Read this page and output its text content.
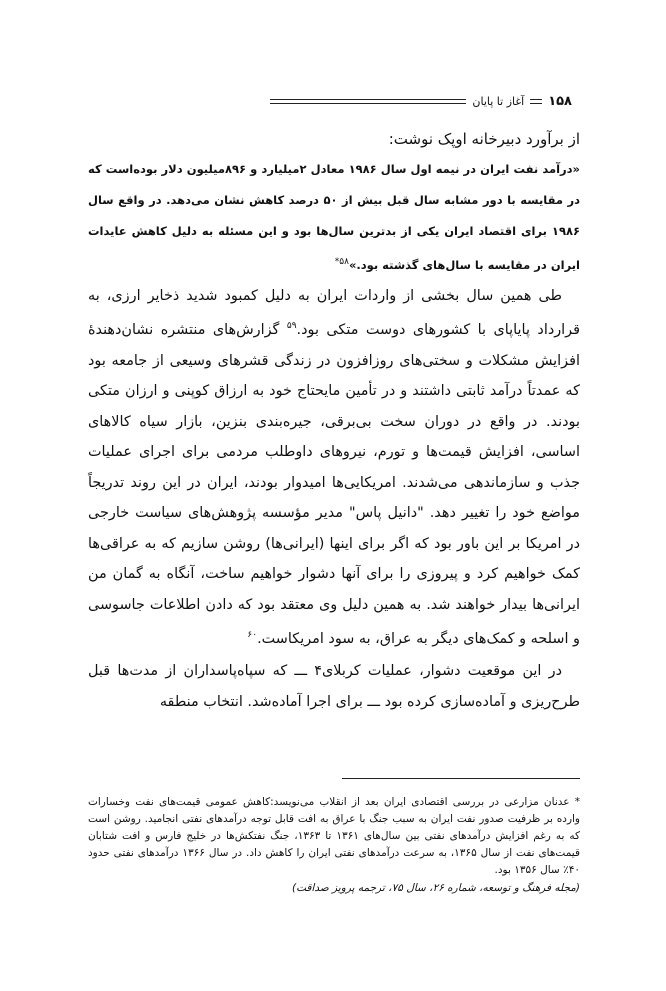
۱۵۸
آغاز تا پایان

از برآورد دبیرخانه اوپک نوشت:

«درآمد نفت ایران در نیمه اول سال ۱۹۸۶ معادل ۲میلیارد و ۸۹۶میلیون دلار بوده‌است که در مقایسه با دور مشابه سال قبل بیش از ۵۰ درصد کاهش نشان می‌دهد. در واقع سال ۱۹۸۶ برای اقتصاد ایران یکی از بدترین سال‌ها بود و این مسئله به دلیل کاهش عایدات ایران در مقایسه با سال‌های گذشته بود.»$^{۵۸*}$

طی همین سال بخشی از واردات ایران به دلیل کمبود شدید ذخایر ارزی، به قرارداد پایاپای با کشورهای دوست متکی بود.$^{۵۹}$ گزارش‌های منتشره نشان‌دهندهٔ افزایش مشکلات و سختی‌های روزافزون در زندگی قشرهای وسیعی از جامعه بود که عمدتاً درآمد ثابتی داشتند و در تأمین مایحتاج خود به ارزاق کوپنی و ارزان متکی بودند. در واقع در دوران سخت بی‌برقی، جیره‌بندی بنزین، بازار سیاه کالاهای اساسی، افزایش قیمت‌ها و تورم، نیروهای داوطلب مردمی برای اجرای عملیات جذب و سازماندهی می‌شدند. امریکایی‌ها امیدوار بودند، ایران در این روند تدریجاً مواضع خود را تغییر دهد. "دانیل پاس" مدیر مؤسسه پژوهش‌های سیاست خارجی در امریکا بر این باور بود که اگر برای اینها (ایرانی‌ها) روشن سازیم که به عراقی‌ها کمک خواهیم کرد و پیروزی را برای آنها دشوار خواهیم ساخت، آنگاه به گمان من ایرانی‌ها بیدار خواهند شد. به همین دلیل وی معتقد بود که دادن اطلاعات جاسوسی و اسلحه و کمک‌های دیگر به عراق، به سود امریکاست.$^{۶۰}$

در این موقعیت دشوار، عملیات کربلای۴ ـــ که سپاه‌پاسداران از مدت‌ها قبل طرح‌ریزی و آماده‌سازی کرده بود ـــ برای اجرا آماده‌شد. انتخاب منطقه

* عدنان مزارعی در بررسی اقتصادی ایران بعد از انقلاب می‌نویسد:کاهش عمومی قیمت‌های نفت وخسارات وارده بر ظرفیت صدور نفت ایران به سبب جنگ با عراق به افت قابل توجه درآمدهای نفتی انجامید. روشن است که به رغم افزایش درآمدهای نفتی بین سال‌های ۱۳۶۱ تا ۱۳۶۳، جنگ نفتکش‌ها در خلیج فارس و افت شتابان قیمت‌های نفت از سال ۱۳۶۵، به سرعت درآمدهای نفتی ایران را کاهش داد. در سال ۱۳۶۶ درآمدهای نفتی حدود ۴۰٪ سال ۱۳۵۶ بود.

(مجله فرهنگ و توسعه، شماره ۲۶، سال ۷۵، ترجمه پرویز صداقت)
